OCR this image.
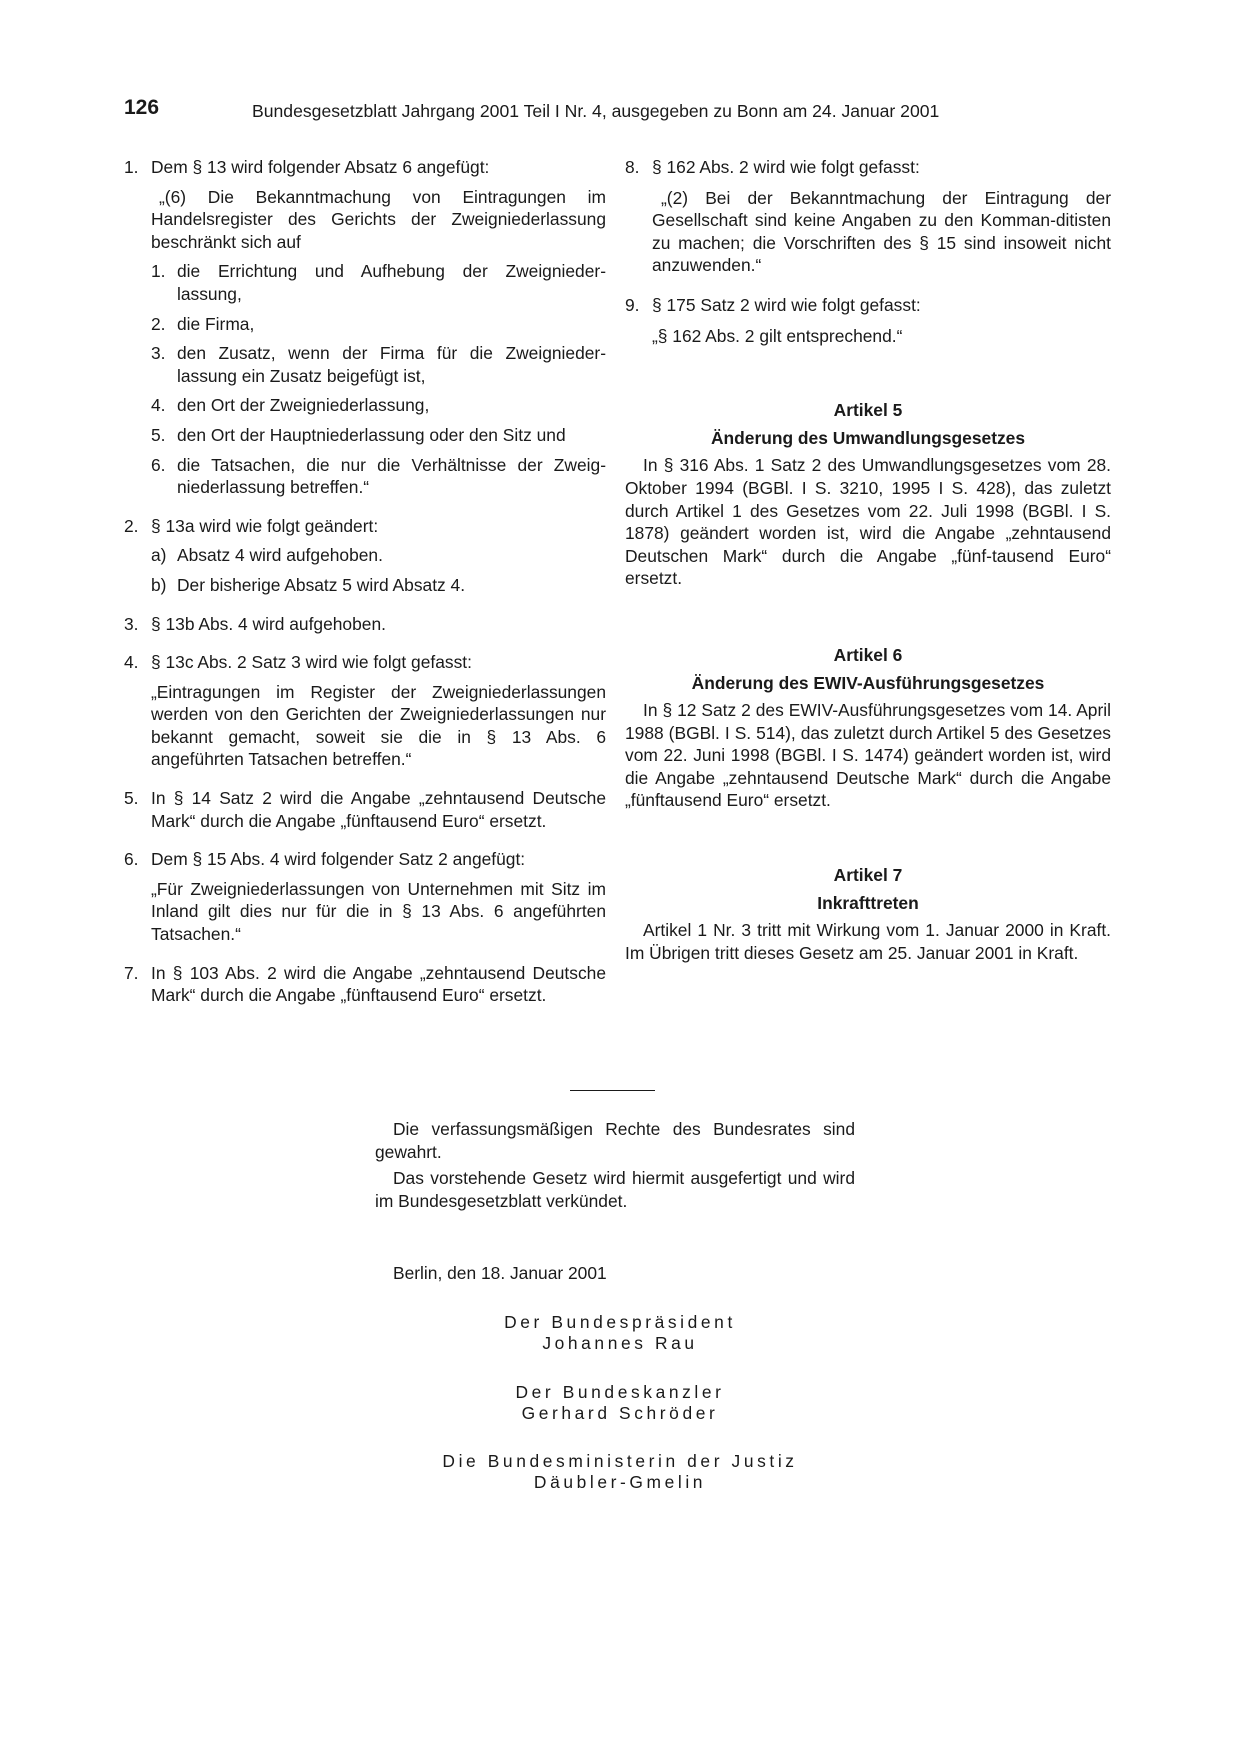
126	Bundesgesetzblatt Jahrgang 2001 Teil I Nr. 4, ausgegeben zu Bonn am 24. Januar 2001
1. Dem § 13 wird folgender Absatz 6 angefügt:

„(6) Die Bekanntmachung von Eintragungen im Handelsregister des Gerichts der Zweigniederlassung beschränkt sich auf

1. die Errichtung und Aufhebung der Zweignieder-lassung,

2. die Firma,

3. den Zusatz, wenn der Firma für die Zweignieder-lassung ein Zusatz beigefügt ist,

4. den Ort der Zweigniederlassung,

5. den Ort der Hauptniederlassung oder den Sitz und

6. die Tatsachen, die nur die Verhältnisse der Zweig-niederlassung betreffen.“

2. § 13a wird wie folgt geändert:

a) Absatz 4 wird aufgehoben.

b) Der bisherige Absatz 5 wird Absatz 4.

3. § 13b Abs. 4 wird aufgehoben.

4. § 13c Abs. 2 Satz 3 wird wie folgt gefasst:

„Eintragungen im Register der Zweigniederlassungen werden von den Gerichten der Zweigniederlassungen nur bekannt gemacht, soweit sie die in § 13 Abs. 6 angeführten Tatsachen betreffen.“

5. In § 14 Satz 2 wird die Angabe „zehntausend Deutsche Mark“ durch die Angabe „fünftausend Euro“ ersetzt.

6. Dem § 15 Abs. 4 wird folgender Satz 2 angefügt:

„Für Zweigniederlassungen von Unternehmen mit Sitz im Inland gilt dies nur für die in § 13 Abs. 6 angeführten Tatsachen.“

7. In § 103 Abs. 2 wird die Angabe „zehntausend Deutsche Mark“ durch die Angabe „fünftausend Euro“ ersetzt.

8. § 162 Abs. 2 wird wie folgt gefasst:

„(2) Bei der Bekanntmachung der Eintragung der Gesellschaft sind keine Angaben zu den Komman-ditisten zu machen; die Vorschriften des § 15 sind insoweit nicht anzuwenden.“

9. § 175 Satz 2 wird wie folgt gefasst:

„§ 162 Abs. 2 gilt entsprechend.“

Artikel 5

Änderung des Umwandlungsgesetzes

In § 316 Abs. 1 Satz 2 des Umwandlungsgesetzes vom 28. Oktober 1994 (BGBl. I S. 3210, 1995 I S. 428), das zuletzt durch Artikel 1 des Gesetzes vom 22. Juli 1998 (BGBl. I S. 1878) geändert worden ist, wird die Angabe „zehntausend Deutschen Mark“ durch die Angabe „fünf-tausend Euro“ ersetzt.

Artikel 6

Änderung des EWIV-Ausführungsgesetzes

In § 12 Satz 2 des EWIV-Ausführungsgesetzes vom 14. April 1988 (BGBl. I S. 514), das zuletzt durch Artikel 5 des Gesetzes vom 22. Juni 1998 (BGBl. I S. 1474) geändert worden ist, wird die Angabe „zehntausend Deutsche Mark“ durch die Angabe „fünftausend Euro“ ersetzt.

Artikel 7

Inkrafttreten

Artikel 1 Nr. 3 tritt mit Wirkung vom 1. Januar 2000 in Kraft. Im Übrigen tritt dieses Gesetz am 25. Januar 2001 in Kraft.

Die verfassungsmäßigen Rechte des Bundesrates sind gewahrt.

Das vorstehende Gesetz wird hiermit ausgefertigt und wird im Bundesgesetzblatt verkündet.

Berlin, den 18. Januar 2001

Der Bundespräsident

Johannes Rau

Der Bundeskanzler

Gerhard Schröder

Die Bundesministerin der Justiz

Däubler-Gmelin
